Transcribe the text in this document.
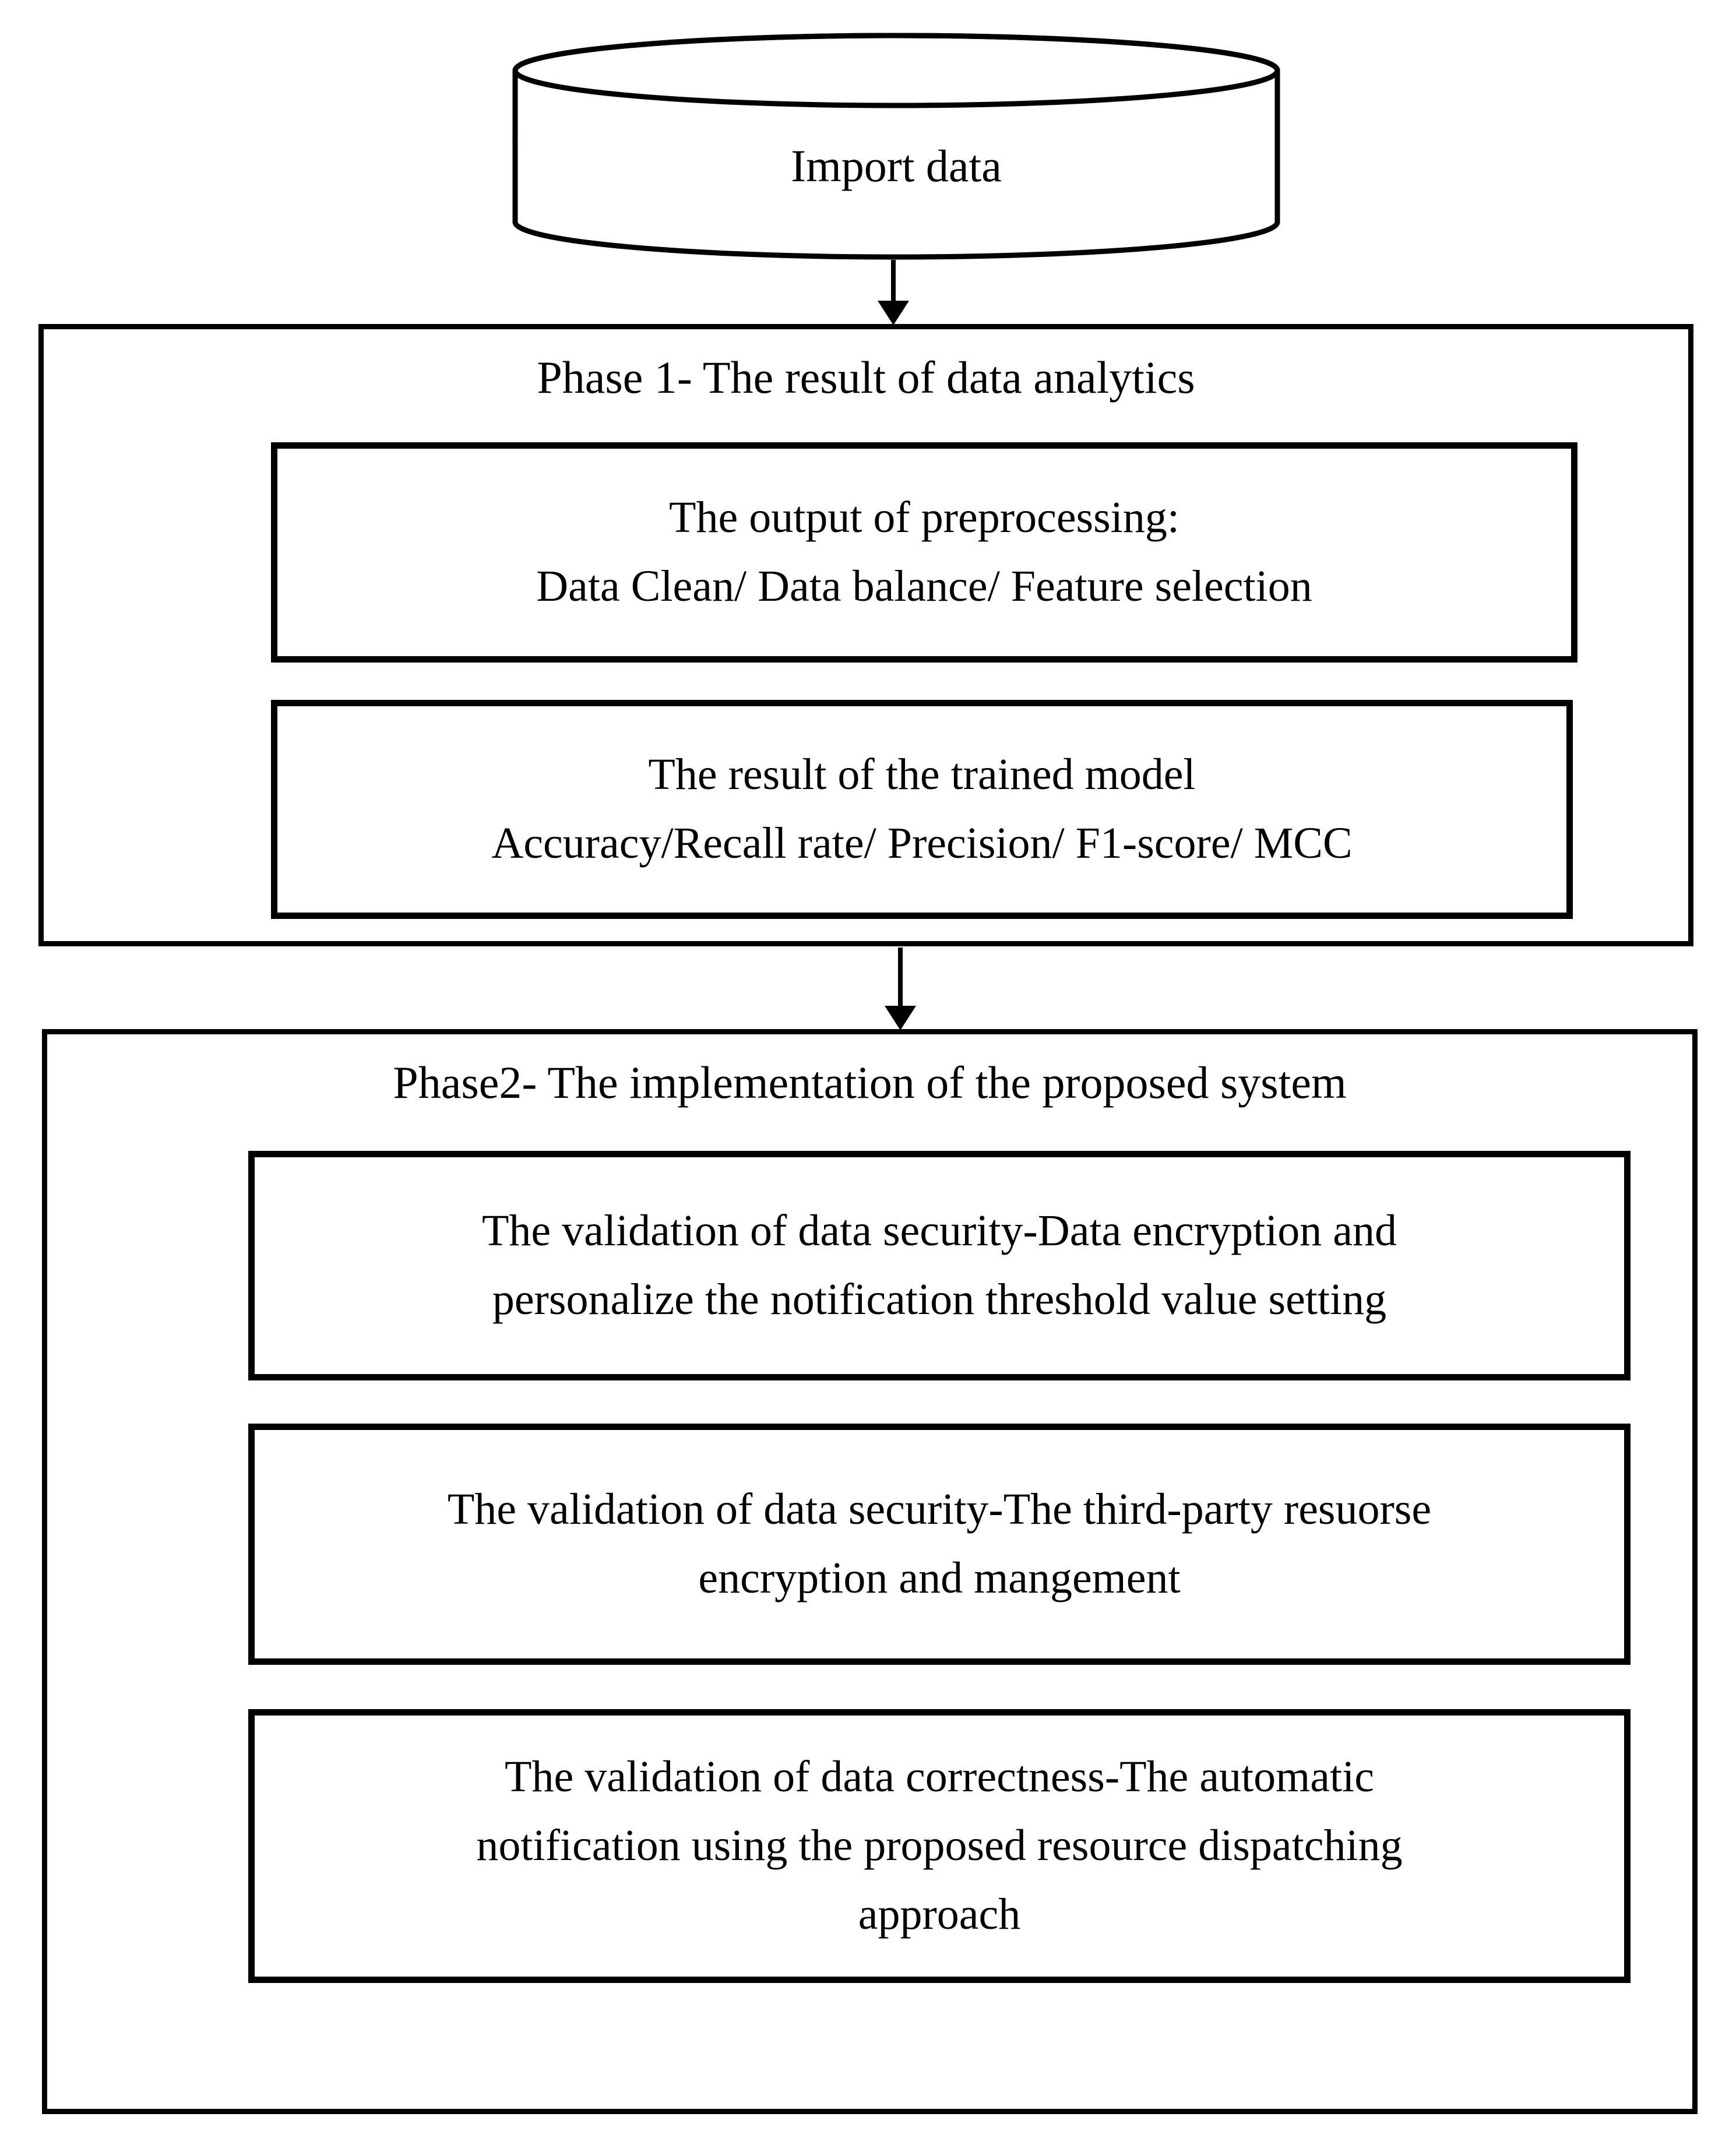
Import data
Phase 1- The result of data analytics
The output of preprocessing:
Data Clean/ Data balance/ Feature selection
The result of the trained model
Accuracy/Recall rate/ Precision/ F1-score/ MCC
Phase2- The implementation of the proposed system
The validation of data security-Data encryption and
personalize the notification threshold value setting
The validation of data security-The third-party resuorse
encryption and mangement
The validation of data correctness-The automatic
notification using the proposed resource dispatching
approach
